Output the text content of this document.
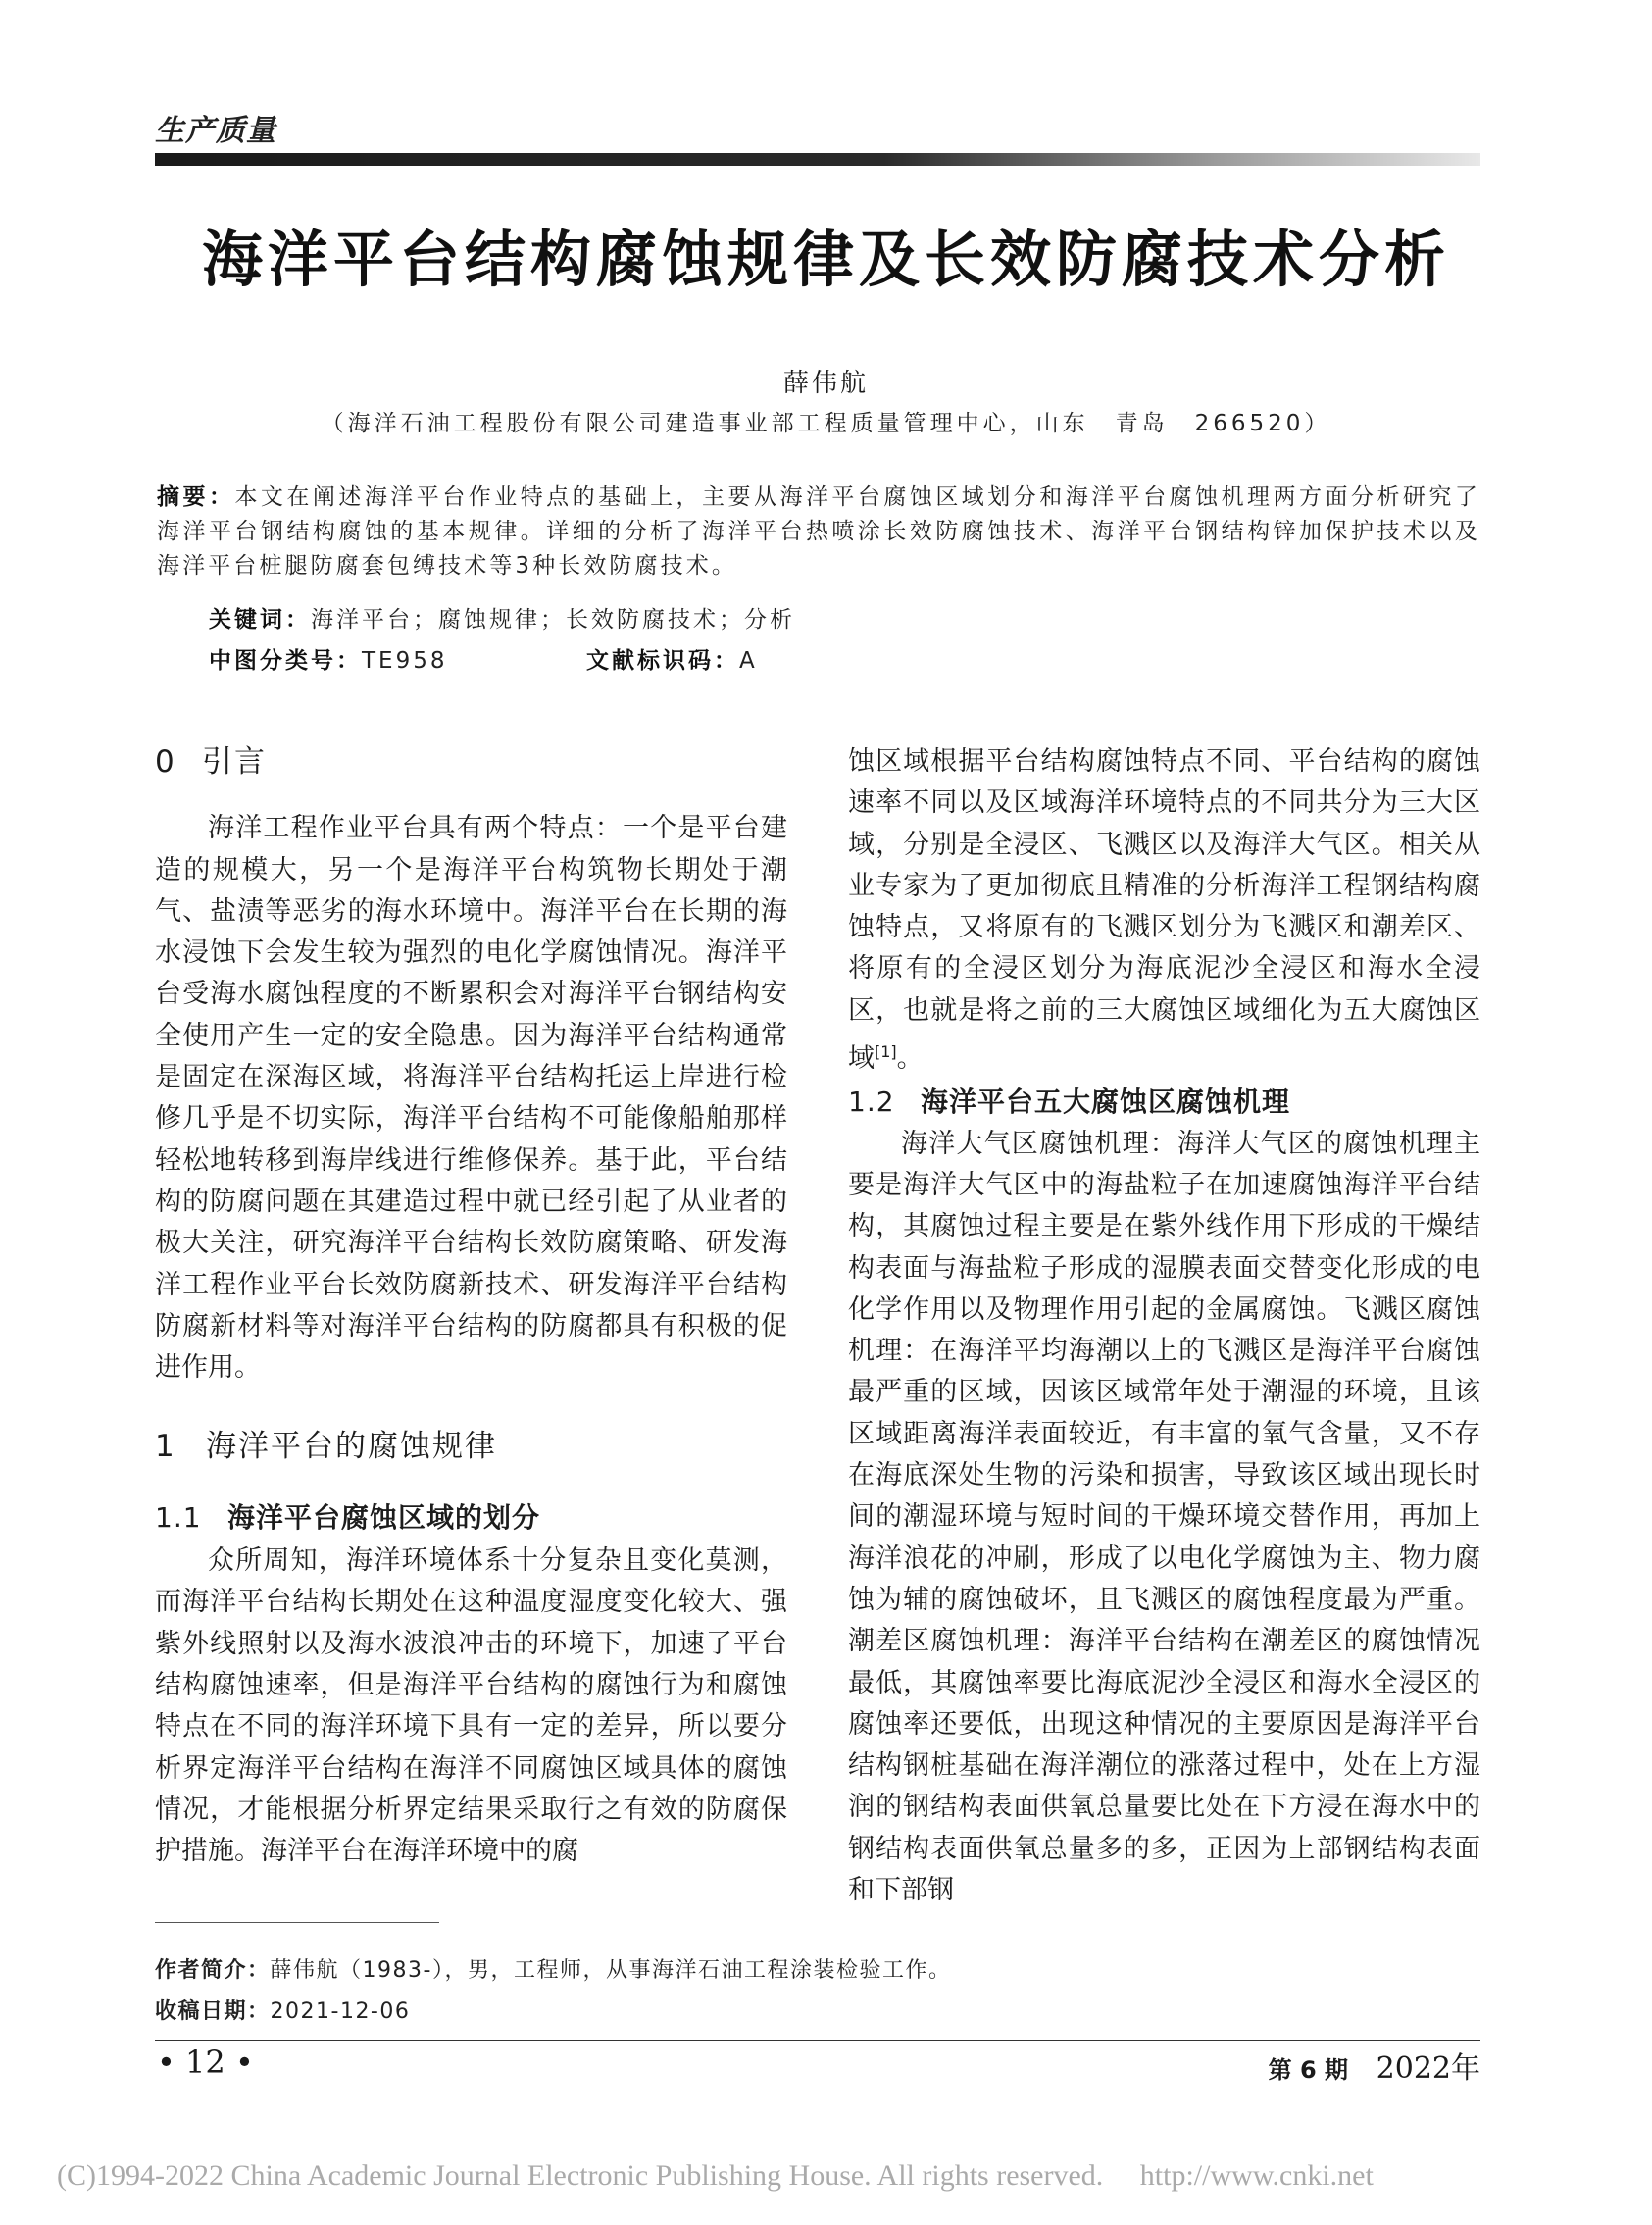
生产质量
海洋平台结构腐蚀规律及长效防腐技术分析
薛伟航
（海洋石油工程股份有限公司建造事业部工程质量管理中心，山东　青岛　266520）
摘要：本文在阐述海洋平台作业特点的基础上，主要从海洋平台腐蚀区域划分和海洋平台腐蚀机理两方面分析研究了海洋平台钢结构腐蚀的基本规律。详细的分析了海洋平台热喷涂长效防腐蚀技术、海洋平台钢结构锌加保护技术以及海洋平台桩腿防腐套包缚技术等3种长效防腐技术。
关键词：海洋平台；腐蚀规律；长效防腐技术；分析
中图分类号：TE958	文献标识码：A
0 引言

海洋工程作业平台具有两个特点：一个是平台建造的规模大，另一个是海洋平台构筑物长期处于潮气、盐渍等恶劣的海水环境中。海洋平台在长期的海水浸蚀下会发生较为强烈的电化学腐蚀情况。海洋平台受海水腐蚀程度的不断累积会对海洋平台钢结构安全使用产生一定的安全隐患。因为海洋平台结构通常是固定在深海区域，将海洋平台结构托运上岸进行检修几乎是不切实际，海洋平台结构不可能像船舶那样轻松地转移到海岸线进行维修保养。基于此，平台结构的防腐问题在其建造过程中就已经引起了从业者的极大关注，研究海洋平台结构长效防腐策略、研发海洋工程作业平台长效防腐新技术、研发海洋平台结构防腐新材料等对海洋平台结构的防腐都具有积极的促进作用。

1 海洋平台的腐蚀规律
1.1 海洋平台腐蚀区域的划分

众所周知，海洋环境体系十分复杂且变化莫测，而海洋平台结构长期处在这种温度湿度变化较大、强紫外线照射以及海水波浪冲击的环境下，加速了平台结构腐蚀速率，但是海洋平台结构的腐蚀行为和腐蚀特点在不同的海洋环境下具有一定的差异，所以要分析界定海洋平台结构在海洋不同腐蚀区域具体的腐蚀情况，才能根据分析界定结果采取行之有效的防腐保护措施。海洋平台在海洋环境中的腐

蚀区域根据平台结构腐蚀特点不同、平台结构的腐蚀速率不同以及区域海洋环境特点的不同共分为三大区域，分别是全浸区、飞溅区以及海洋大气区。相关从业专家为了更加彻底且精准的分析海洋工程钢结构腐蚀特点，又将原有的飞溅区划分为飞溅区和潮差区、将原有的全浸区划分为海底泥沙全浸区和海水全浸区，也就是将之前的三大腐蚀区域细化为五大腐蚀区域[1]。

1.2 海洋平台五大腐蚀区腐蚀机理

海洋大气区腐蚀机理：海洋大气区的腐蚀机理主要是海洋大气区中的海盐粒子在加速腐蚀海洋平台结构，其腐蚀过程主要是在紫外线作用下形成的干燥结构表面与海盐粒子形成的湿膜表面交替变化形成的电化学作用以及物理作用引起的金属腐蚀。飞溅区腐蚀机理：在海洋平均海潮以上的飞溅区是海洋平台腐蚀最严重的区域，因该区域常年处于潮湿的环境，且该区域距离海洋表面较近，有丰富的氧气含量，又不存在海底深处生物的污染和损害，导致该区域出现长时间的潮湿环境与短时间的干燥环境交替作用，再加上海洋浪花的冲刷，形成了以电化学腐蚀为主、物力腐蚀为辅的腐蚀破坏，且飞溅区的腐蚀程度最为严重。潮差区腐蚀机理：海洋平台结构在潮差区的腐蚀情况最低，其腐蚀率要比海底泥沙全浸区和海水全浸区的腐蚀率还要低，出现这种情况的主要原因是海洋平台结构钢桩基础在海洋潮位的涨落过程中，处在上方湿润的钢结构表面供氧总量要比处在下方浸在海水中的钢结构表面供氧总量多的多，正因为上部钢结构表面和下部钢

作者简介：薛伟航（1983-），男，工程师，从事海洋石油工程涂装检验工作。
收稿日期：2021-12-06
• 12 •	第 6 期 2022年
(C)1994-2022 China Academic Journal Electronic Publishing House. All rights reserved.　 http://www.cnki.net
